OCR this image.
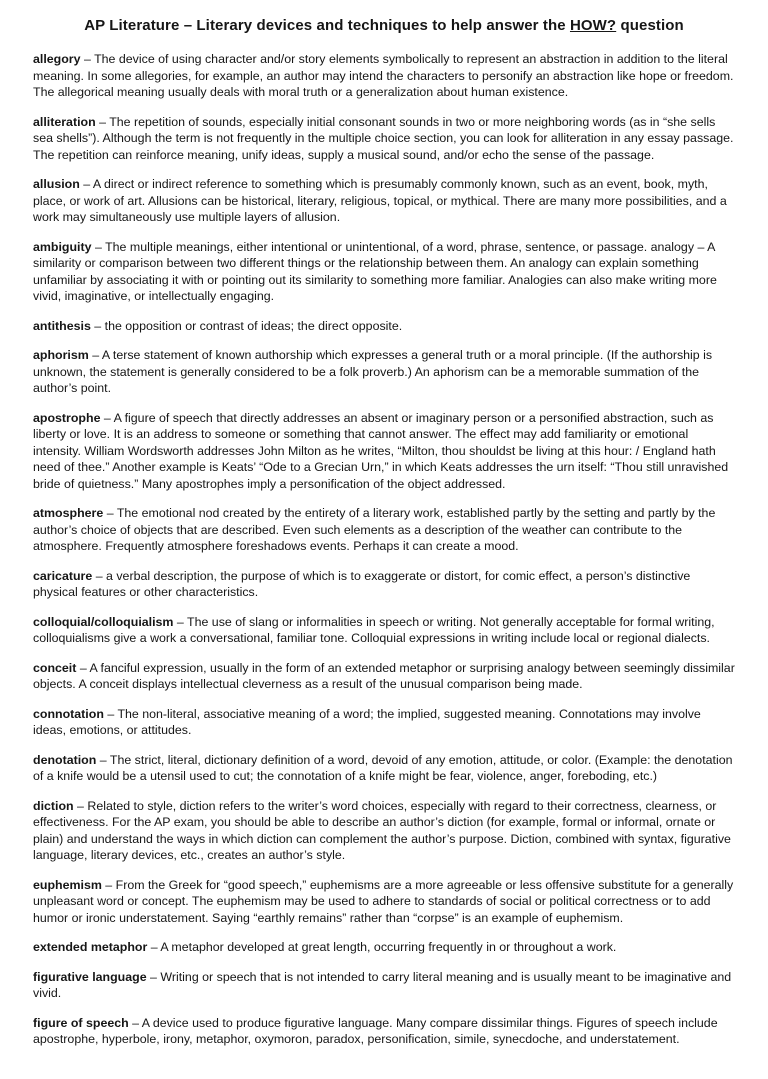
AP Literature – Literary devices and techniques to help answer the HOW? question

allegory – The device of using character and/or story elements symbolically to represent an abstraction in addition to the literal meaning. In some allegories, for example, an author may intend the characters to personify an abstraction like hope or freedom. The allegorical meaning usually deals with moral truth or a generalization about human existence.

alliteration – The repetition of sounds, especially initial consonant sounds in two or more neighboring words (as in “she sells sea shells”). Although the term is not frequently in the multiple choice section, you can look for alliteration in any essay passage. The repetition can reinforce meaning, unify ideas, supply a musical sound, and/or echo the sense of the passage.

allusion – A direct or indirect reference to something which is presumably commonly known, such as an event, book, myth, place, or work of art. Allusions can be historical, literary, religious, topical, or mythical. There are many more possibilities, and a work may simultaneously use multiple layers of allusion.

ambiguity – The multiple meanings, either intentional or unintentional, of a word, phrase, sentence, or passage. analogy – A similarity or comparison between two different things or the relationship between them. An analogy can explain something unfamiliar by associating it with or pointing out its similarity to something more familiar. Analogies can also make writing more vivid, imaginative, or intellectually engaging.

antithesis – the opposition or contrast of ideas; the direct opposite.

aphorism – A terse statement of known authorship which expresses a general truth or a moral principle. (If the authorship is unknown, the statement is generally considered to be a folk proverb.) An aphorism can be a memorable summation of the author’s point.

apostrophe – A figure of speech that directly addresses an absent or imaginary person or a personified abstraction, such as liberty or love. It is an address to someone or something that cannot answer. The effect may add familiarity or emotional intensity. William Wordsworth addresses John Milton as he writes, “Milton, thou shouldst be living at this hour: / England hath need of thee.” Another example is Keats’ “Ode to a Grecian Urn,” in which Keats addresses the urn itself: “Thou still unravished bride of quietness.” Many apostrophes imply a personification of the object addressed.

atmosphere – The emotional nod created by the entirety of a literary work, established partly by the setting and partly by the author’s choice of objects that are described. Even such elements as a description of the weather can contribute to the atmosphere. Frequently atmosphere foreshadows events. Perhaps it can create a mood.

caricature – a verbal description, the purpose of which is to exaggerate or distort, for comic effect, a person’s distinctive physical features or other characteristics.

colloquial/colloquialism – The use of slang or informalities in speech or writing. Not generally acceptable for formal writing, colloquialisms give a work a conversational, familiar tone. Colloquial expressions in writing include local or regional dialects.

conceit – A fanciful expression, usually in the form of an extended metaphor or surprising analogy between seemingly dissimilar objects. A conceit displays intellectual cleverness as a result of the unusual comparison being made.

connotation – The non-literal, associative meaning of a word; the implied, suggested meaning. Connotations may involve ideas, emotions, or attitudes.

denotation – The strict, literal, dictionary definition of a word, devoid of any emotion, attitude, or color. (Example: the denotation of a knife would be a utensil used to cut; the connotation of a knife might be fear, violence, anger, foreboding, etc.)

diction – Related to style, diction refers to the writer’s word choices, especially with regard to their correctness, clearness, or effectiveness. For the AP exam, you should be able to describe an author’s diction (for example, formal or informal, ornate or plain) and understand the ways in which diction can complement the author’s purpose. Diction, combined with syntax, figurative language, literary devices, etc., creates an author’s style.

euphemism – From the Greek for “good speech,” euphemisms are a more agreeable or less offensive substitute for a generally unpleasant word or concept. The euphemism may be used to adhere to standards of social or political correctness or to add humor or ironic understatement. Saying “earthly remains” rather than “corpse” is an example of euphemism.

extended metaphor – A metaphor developed at great length, occurring frequently in or throughout a work.

figurative language – Writing or speech that is not intended to carry literal meaning and is usually meant to be imaginative and vivid.

figure of speech – A device used to produce figurative language. Many compare dissimilar things. Figures of speech include apostrophe, hyperbole, irony, metaphor, oxymoron, paradox, personification, simile, synecdoche, and understatement.
